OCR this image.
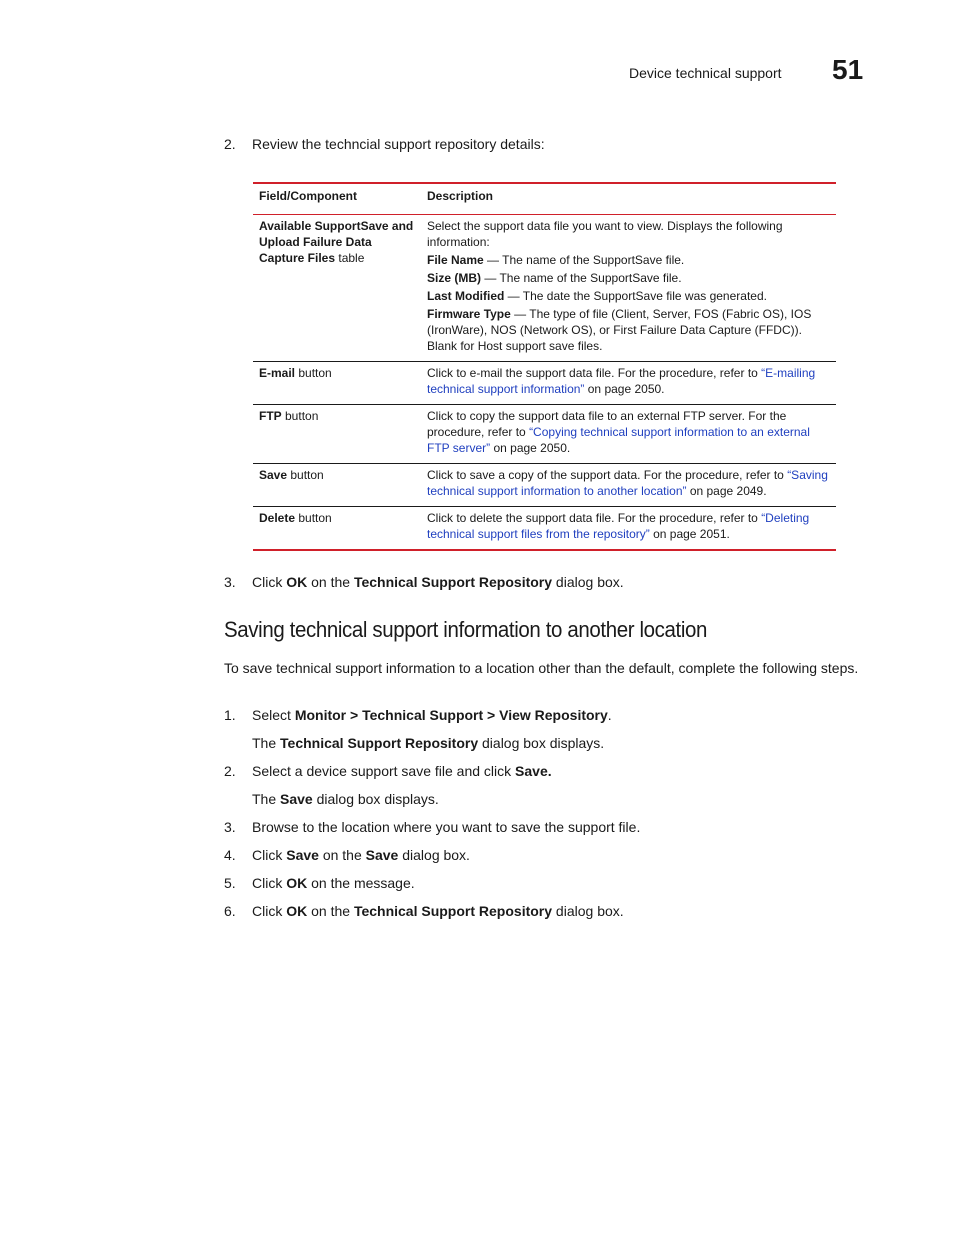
Device technical support 51
2. Review the techncial support repository details:
Field/Component	Description
Available SupportSave and Upload Failure Data Capture Files table	Select the support data file you want to view. Displays the following information:

File Name — The name of the SupportSave file.

Size (MB) — The name of the SupportSave file.

Last Modified — The date the SupportSave file was generated.

Firmware Type — The type of file (Client, Server, FOS (Fabric OS), IOS (IronWare), NOS (Network OS), or First Failure Data Capture (FFDC)). Blank for Host support save files.

E-mail button	Click to e-mail the support data file. For the procedure, refer to “E-mailing technical support information” on page 2050.
FTP button	Click to copy the support data file to an external FTP server. For the procedure, refer to “Copying technical support information to an external FTP server” on page 2050.
Save button	Click to save a copy of the support data. For the procedure, refer to “Saving technical support information to another location” on page 2049.
Delete button	Click to delete the support data file. For the procedure, refer to “Deleting technical support files from the repository” on page 2051.
3. Click OK on the Technical Support Repository dialog box.
Saving technical support information to another location
To save technical support information to a location other than the default, complete the following steps.
1. Select Monitor > Technical Support > View Repository.
The Technical Support Repository dialog box displays.
2. Select a device support save file and click Save.
The Save dialog box displays.
3. Browse to the location where you want to save the support file.
4. Click Save on the Save dialog box.
5. Click OK on the message.
6. Click OK on the Technical Support Repository dialog box.
